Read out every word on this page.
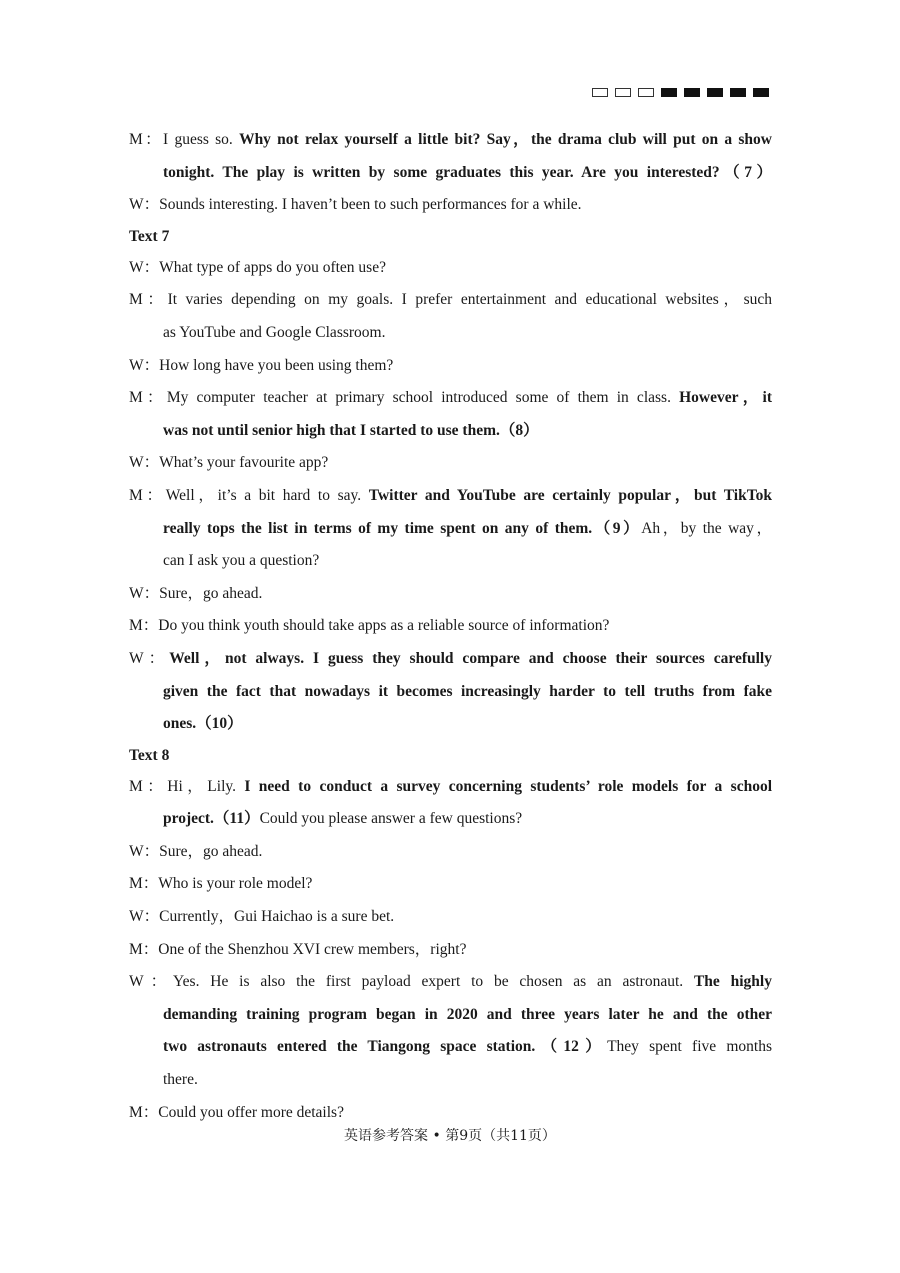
M：I guess so. Why not relax yourself a little bit? Say，the drama club will put on a show
tonight. The play is written by some graduates this year. Are you interested?（7）
W：Sounds interesting. I haven’t been to such performances for a while.
Text 7
W：What type of apps do you often use?
M：It varies depending on my goals. I prefer entertainment and educational websites，such
as YouTube and Google Classroom.
W：How long have you been using them?
M：My computer teacher at primary school introduced some of them in class. However，it
was not until senior high that I started to use them.（8）
W：What’s your favourite app?
M：Well，it’s a bit hard to say. Twitter and YouTube are certainly popular，but TikTok
really tops the list in terms of my time spent on any of them.（9）Ah，by the way，
can I ask you a question?
W：Sure，go ahead.
M：Do you think youth should take apps as a reliable source of information?
W：Well，not always. I guess they should compare and choose their sources carefully
given the fact that nowadays it becomes increasingly harder to tell truths from fake
ones.（10）
Text 8
M：Hi，Lily. I need to conduct a survey concerning students’ role models for a school
project.（11）Could you please answer a few questions?
W：Sure，go ahead.
M：Who is your role model?
W：Currently，Gui Haichao is a sure bet.
M：One of the Shenzhou XVI crew members，right?
W：Yes. He is also the first payload expert to be chosen as an astronaut. The highly
demanding training program began in 2020 and three years later he and the other
two astronauts entered the Tiangong space station.（12）They spent five months
there.
M：Could you offer more details?
英语参考答案 • 第9页（共11页）
